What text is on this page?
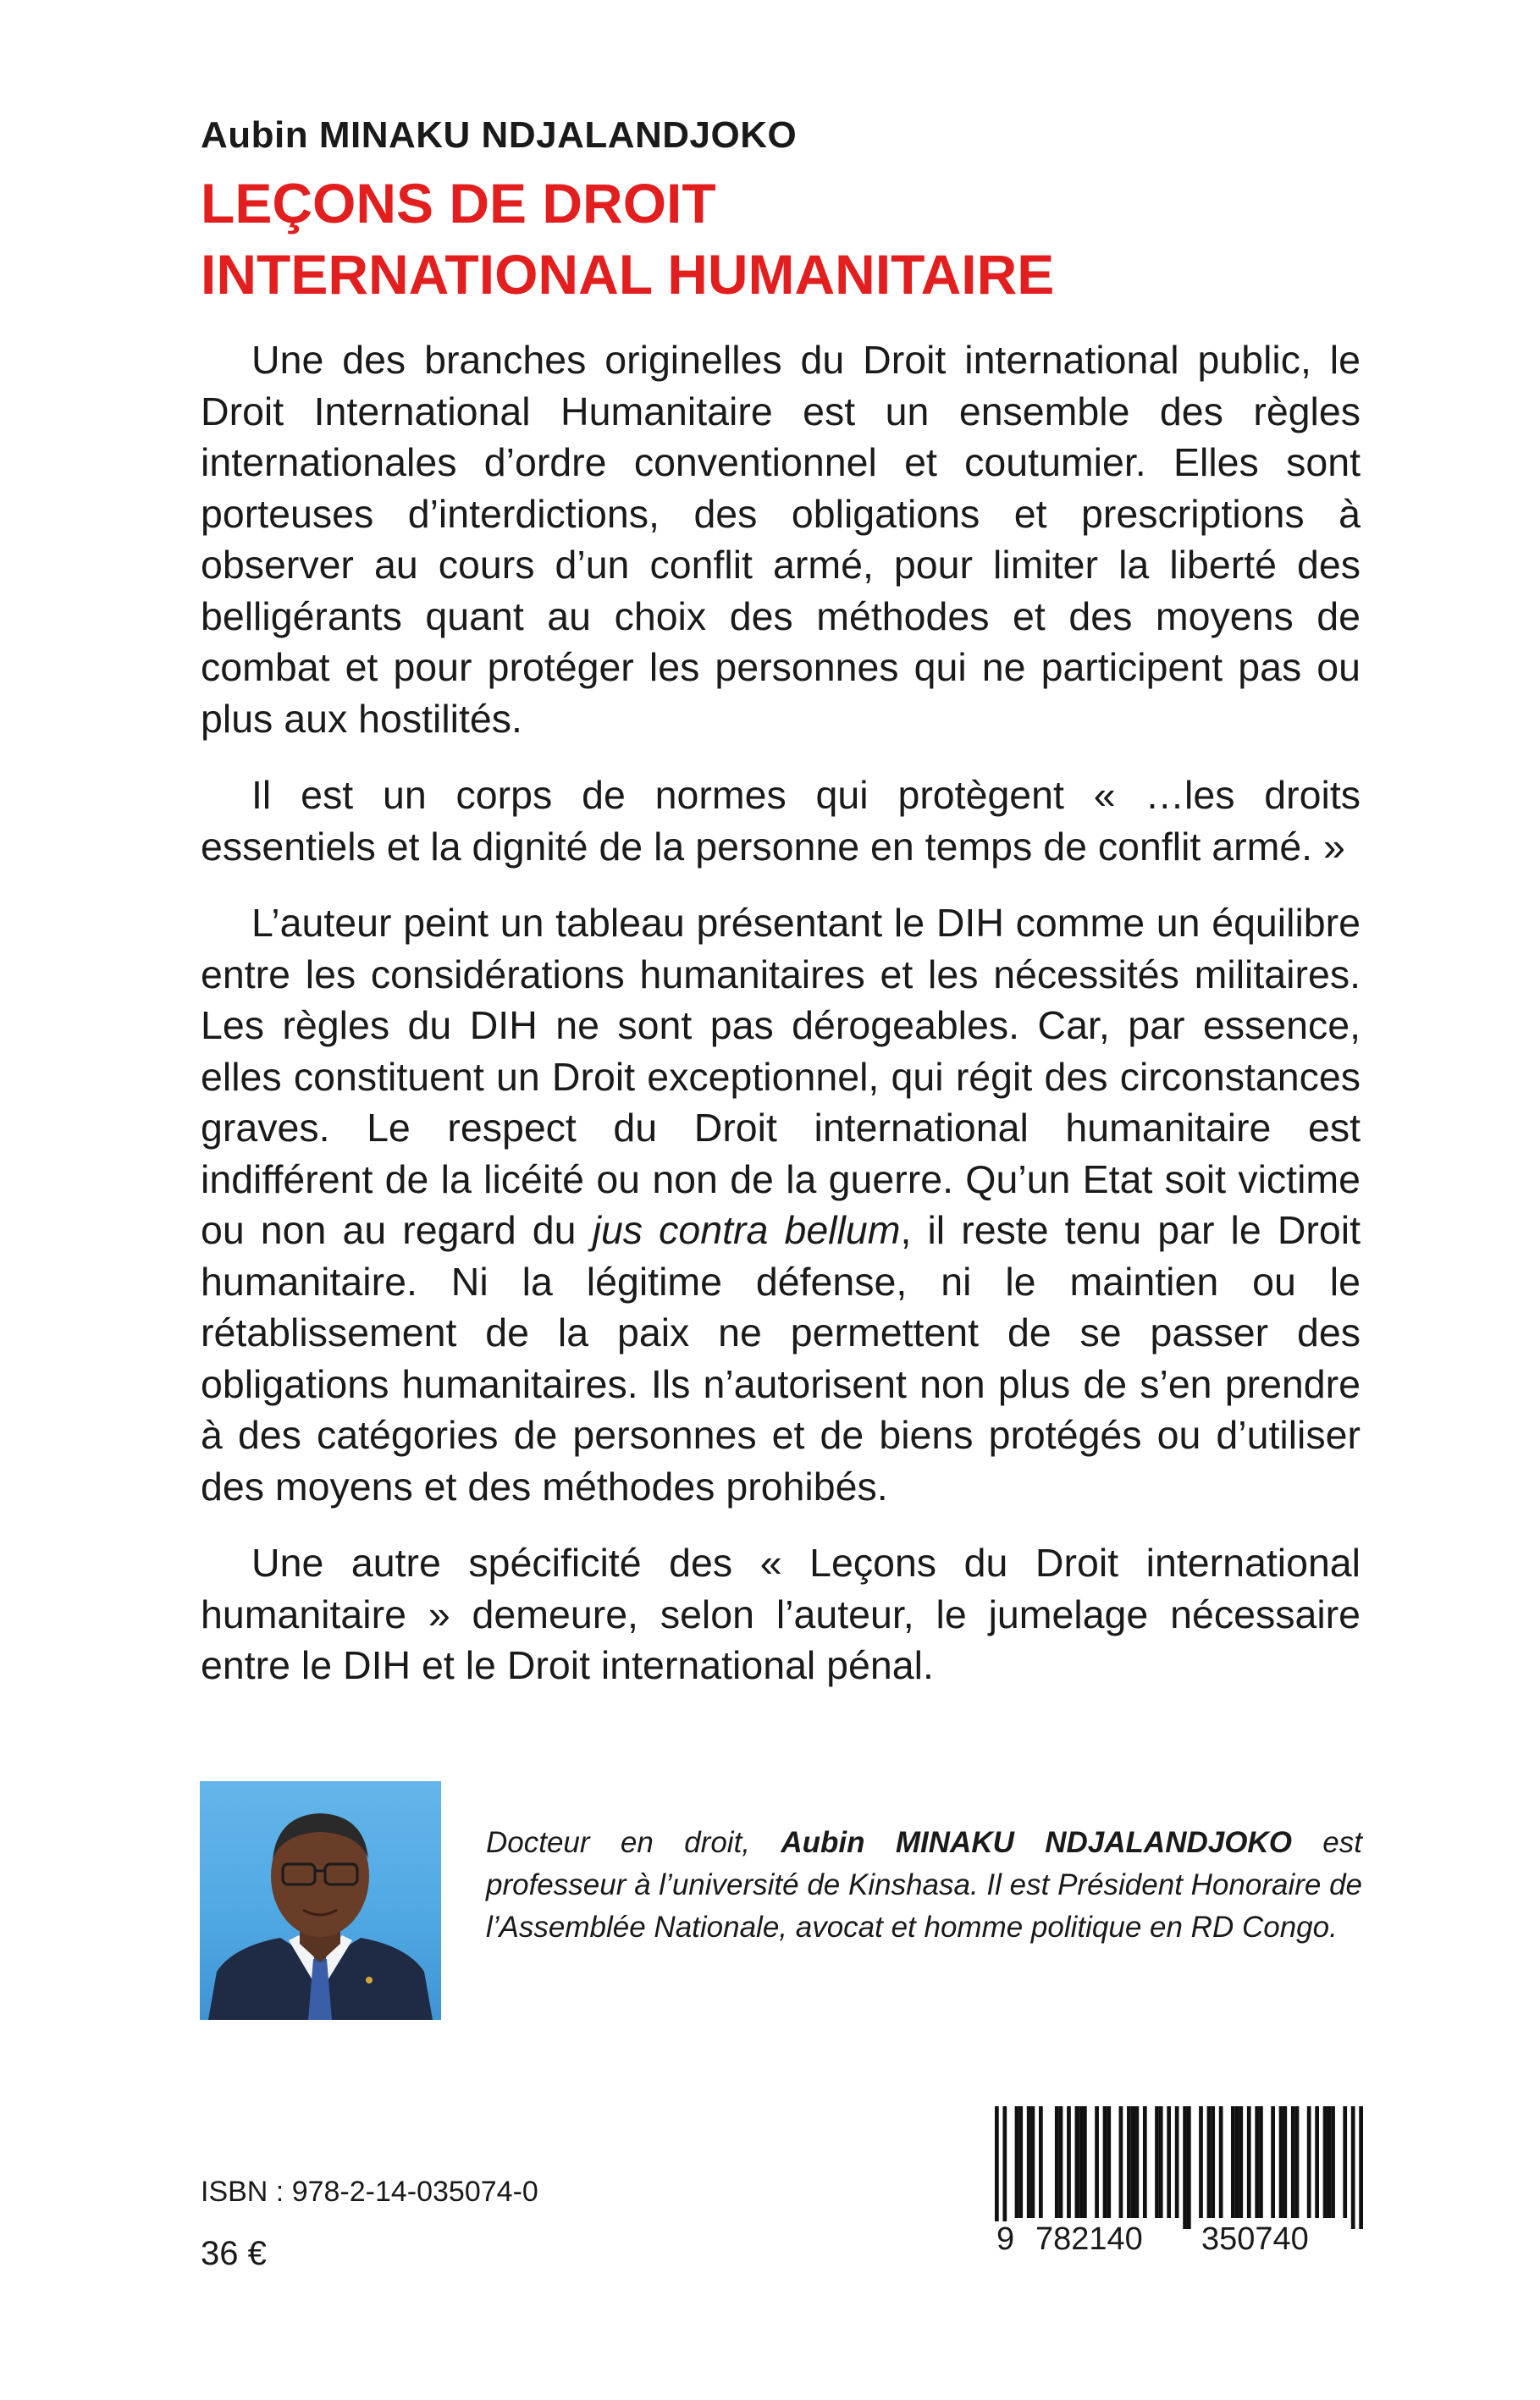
Aubin MINAKU NDJALANDJOKO
LEÇONS DE DROIT
INTERNATIONAL HUMANITAIRE

Une des branches originelles du Droit international public, le Droit International Humanitaire est un ensemble des règles internationales d’ordre conventionnel et coutumier. Elles sont porteuses d’interdictions, des obligations et prescriptions à observer au cours d’un conflit armé, pour limiter la liberté des belligérants quant au choix des méthodes et des moyens de combat et pour protéger les personnes qui ne participent pas ou plus aux hostilités.

Il est un corps de normes qui protègent « …les droits essentiels et la dignité de la personne en temps de conflit armé. »

L’auteur peint un tableau présentant le DIH comme un équilibre entre les considérations humanitaires et les nécessités militaires. Les règles du DIH ne sont pas dérogeables. Car, par essence, elles constituent un Droit exceptionnel, qui régit des circonstances graves. Le respect du Droit international humanitaire est indifférent de la licéité ou non de la guerre. Qu’un Etat soit victime ou non au regard du jus contra bellum, il reste tenu par le Droit humanitaire. Ni la légitime défense, ni le maintien ou le rétablissement de la paix ne permettent de se passer des obligations humanitaires. Ils n’autorisent non plus de s’en prendre à des catégories de personnes et de biens protégés ou d’utiliser des moyens et des méthodes prohibés.

Une autre spécificité des « Leçons du Droit international humanitaire » demeure, selon l’auteur, le jumelage nécessaire entre le DIH et le Droit international pénal.

Docteur en droit, Aubin MINAKU NDJALANDJOKO est professeur à l’université de Kinshasa. Il est Président Honoraire de l’Assemblée Nationale, avocat et homme politique en RD Congo.
ISBN : 978-2-14-035074-0
36 €	9 782140 350740
